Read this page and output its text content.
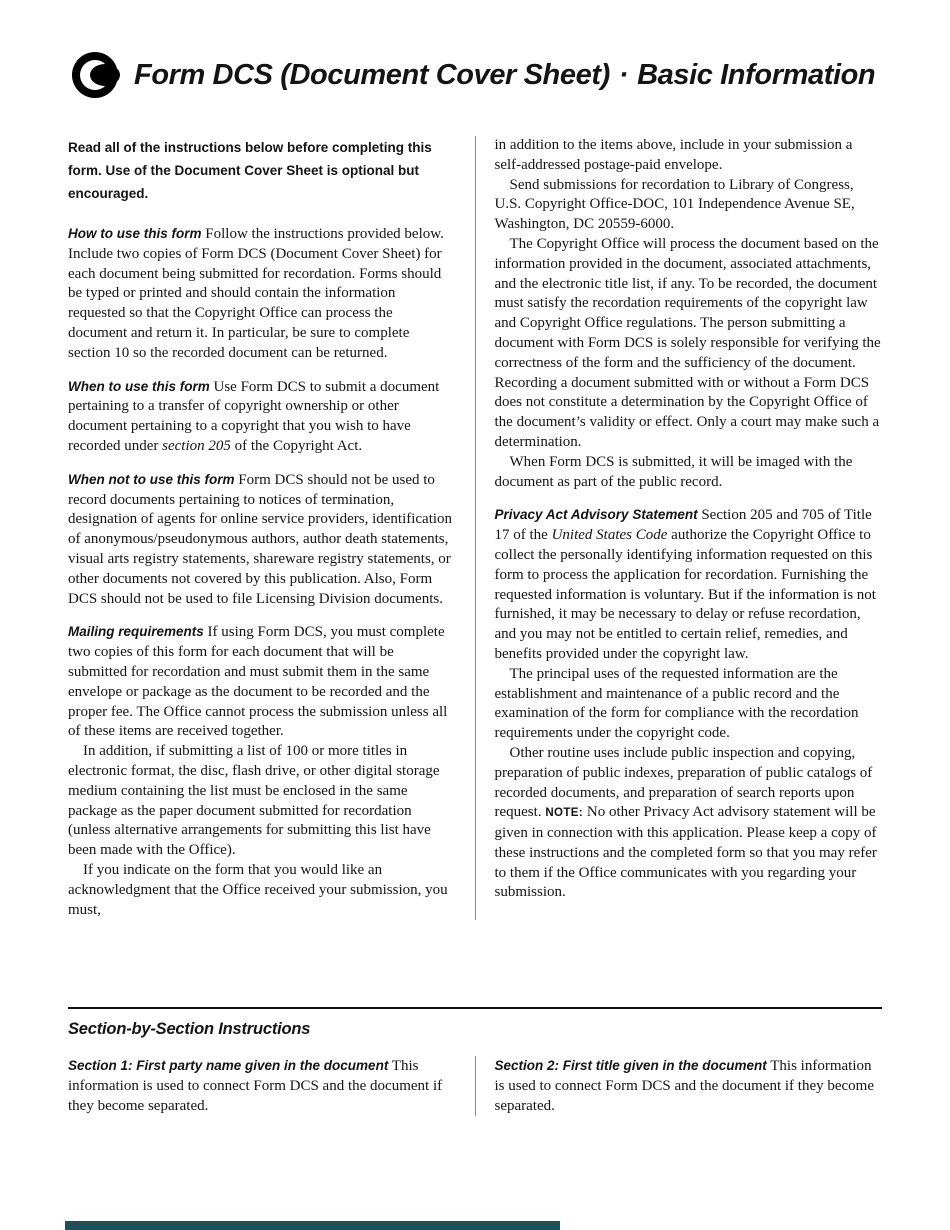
Form DCS (Document Cover Sheet) · Basic Information

Read all of the instructions below before completing this form. Use of the Document Cover Sheet is optional but encouraged.

How to use this form Follow the instructions provided below. Include two copies of Form DCS (Document Cover Sheet) for each document being submitted for recordation. Forms should be typed or printed and should contain the information requested so that the Copyright Office can process the document and return it. In particular, be sure to complete section 10 so the recorded document can be returned.

When to use this form Use Form DCS to submit a document pertaining to a transfer of copyright ownership or other document pertaining to a copyright that you wish to have recorded under section 205 of the Copyright Act.

When not to use this form Form DCS should not be used to record documents pertaining to notices of termination, designation of agents for online service providers, identification of anonymous/pseudonymous authors, author death statements, visual arts registry statements, shareware registry statements, or other documents not covered by this publication. Also, Form DCS should not be used to file Licensing Division documents.

Mailing requirements If using Form DCS, you must complete two copies of this form for each document that will be submitted for recordation and must submit them in the same envelope or package as the document to be recorded and the proper fee. The Office cannot process the submission unless all of these items are received together.

In addition, if submitting a list of 100 or more titles in electronic format, the disc, flash drive, or other digital storage medium containing the list must be enclosed in the same package as the paper document submitted for recordation (unless alternative arrangements for submitting this list have been made with the Office).

If you indicate on the form that you would like an acknowledgment that the Office received your submission, you must,

in addition to the items above, include in your submission a self-addressed postage-paid envelope.

Send submissions for recordation to Library of Congress, U.S. Copyright Office-DOC, 101 Independence Avenue SE, Washington, DC 20559-6000.

The Copyright Office will process the document based on the information provided in the document, associated attachments, and the electronic title list, if any. To be recorded, the document must satisfy the recordation requirements of the copyright law and Copyright Office regulations. The person submitting a document with Form DCS is solely responsible for verifying the correctness of the form and the sufficiency of the document. Recording a document submitted with or without a Form DCS does not constitute a determination by the Copyright Office of the document’s validity or effect. Only a court may make such a determination.

When Form DCS is submitted, it will be imaged with the document as part of the public record.

Privacy Act Advisory Statement Section 205 and 705 of Title 17 of the United States Code authorize the Copyright Office to collect the personally identifying information requested on this form to process the application for recordation. Furnishing the requested information is voluntary. But if the information is not furnished, it may be necessary to delay or refuse recordation, and you may not be entitled to certain relief, remedies, and benefits provided under the copyright law.

The principal uses of the requested information are the establishment and maintenance of a public record and the examination of the form for compliance with the recordation requirements under the copyright code.

Other routine uses include public inspection and copying, preparation of public indexes, preparation of public catalogs of recorded documents, and preparation of search reports upon request. NOTE: No other Privacy Act advisory statement will be given in connection with this application. Please keep a copy of these instructions and the completed form so that you may refer to them if the Office communicates with you regarding your submission.

Section-by-Section Instructions

Section 1: First party name given in the document This information is used to connect Form DCS and the document if they become separated.

Section 2: First title given in the document This information is used to connect Form DCS and the document if they become separated.
